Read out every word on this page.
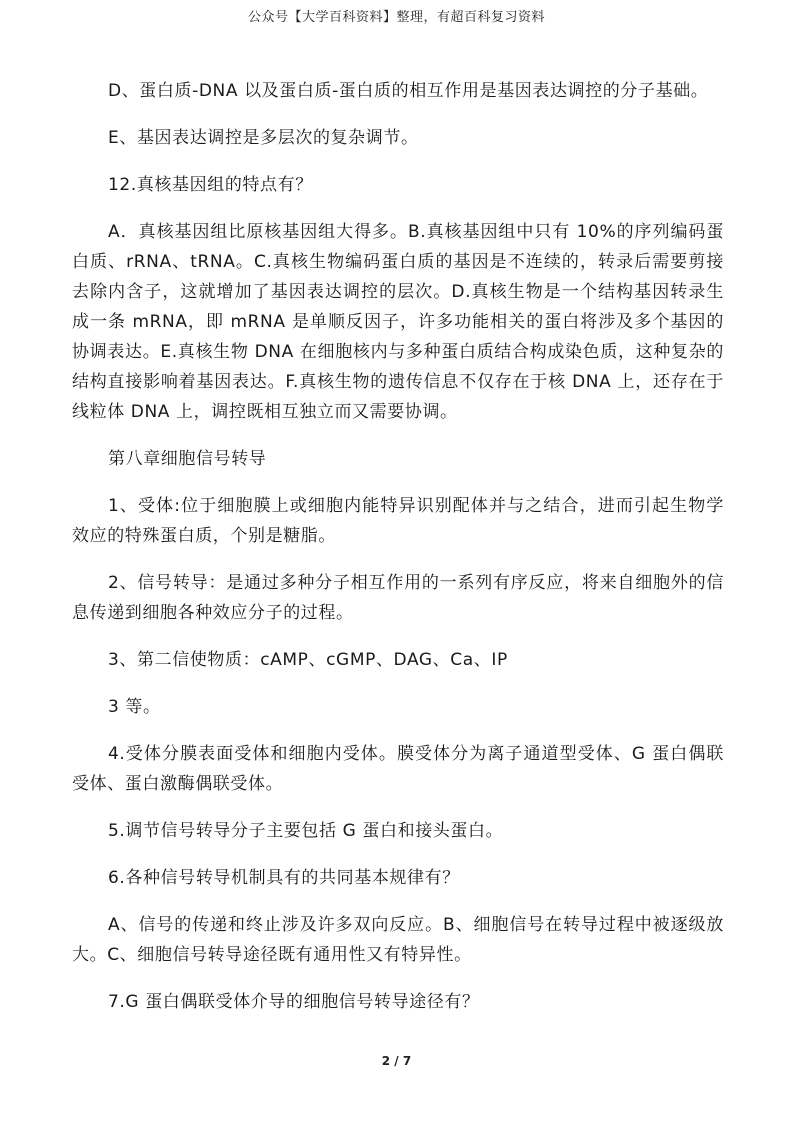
公众号【大学百科资料】整理，有超百科复习资料

D、蛋白质-DNA 以及蛋白质-蛋白质的相互作用是基因表达调控的分子基础。

E、基因表达调控是多层次的复杂调节。

12.真核基因组的特点有？

A．真核基因组比原核基因组大得多。B.真核基因组中只有 10%的序列编码蛋白质、rRNA、tRNA。C.真核生物编码蛋白质的基因是不连续的，转录后需要剪接去除内含子，这就增加了基因表达调控的层次。D.真核生物是一个结构基因转录生成一条 mRNA，即 mRNA 是单顺反因子，许多功能相关的蛋白将涉及多个基因的协调表达。E.真核生物 DNA 在细胞核内与多种蛋白质结合构成染色质，这种复杂的结构直接影响着基因表达。F.真核生物的遗传信息不仅存在于核 DNA 上，还存在于线粒体 DNA 上，调控既相互独立而又需要协调。

第八章细胞信号转导

1、受体:位于细胞膜上或细胞内能特异识别配体并与之结合，进而引起生物学效应的特殊蛋白质，个别是糖脂。

2、信号转导：是通过多种分子相互作用的一系列有序反应，将来自细胞外的信息传递到细胞各种效应分子的过程。

3、第二信使物质：cAMP、cGMP、DAG、Ca、IP

3 等。

4.受体分膜表面受体和细胞内受体。膜受体分为离子通道型受体、G 蛋白偶联受体、蛋白激酶偶联受体。

5.调节信号转导分子主要包括 G 蛋白和接头蛋白。

6.各种信号转导机制具有的共同基本规律有？

A、信号的传递和终止涉及许多双向反应。B、细胞信号在转导过程中被逐级放大。C、细胞信号转导途径既有通用性又有特异性。

7.G 蛋白偶联受体介导的细胞信号转导途径有？

2 / 7
